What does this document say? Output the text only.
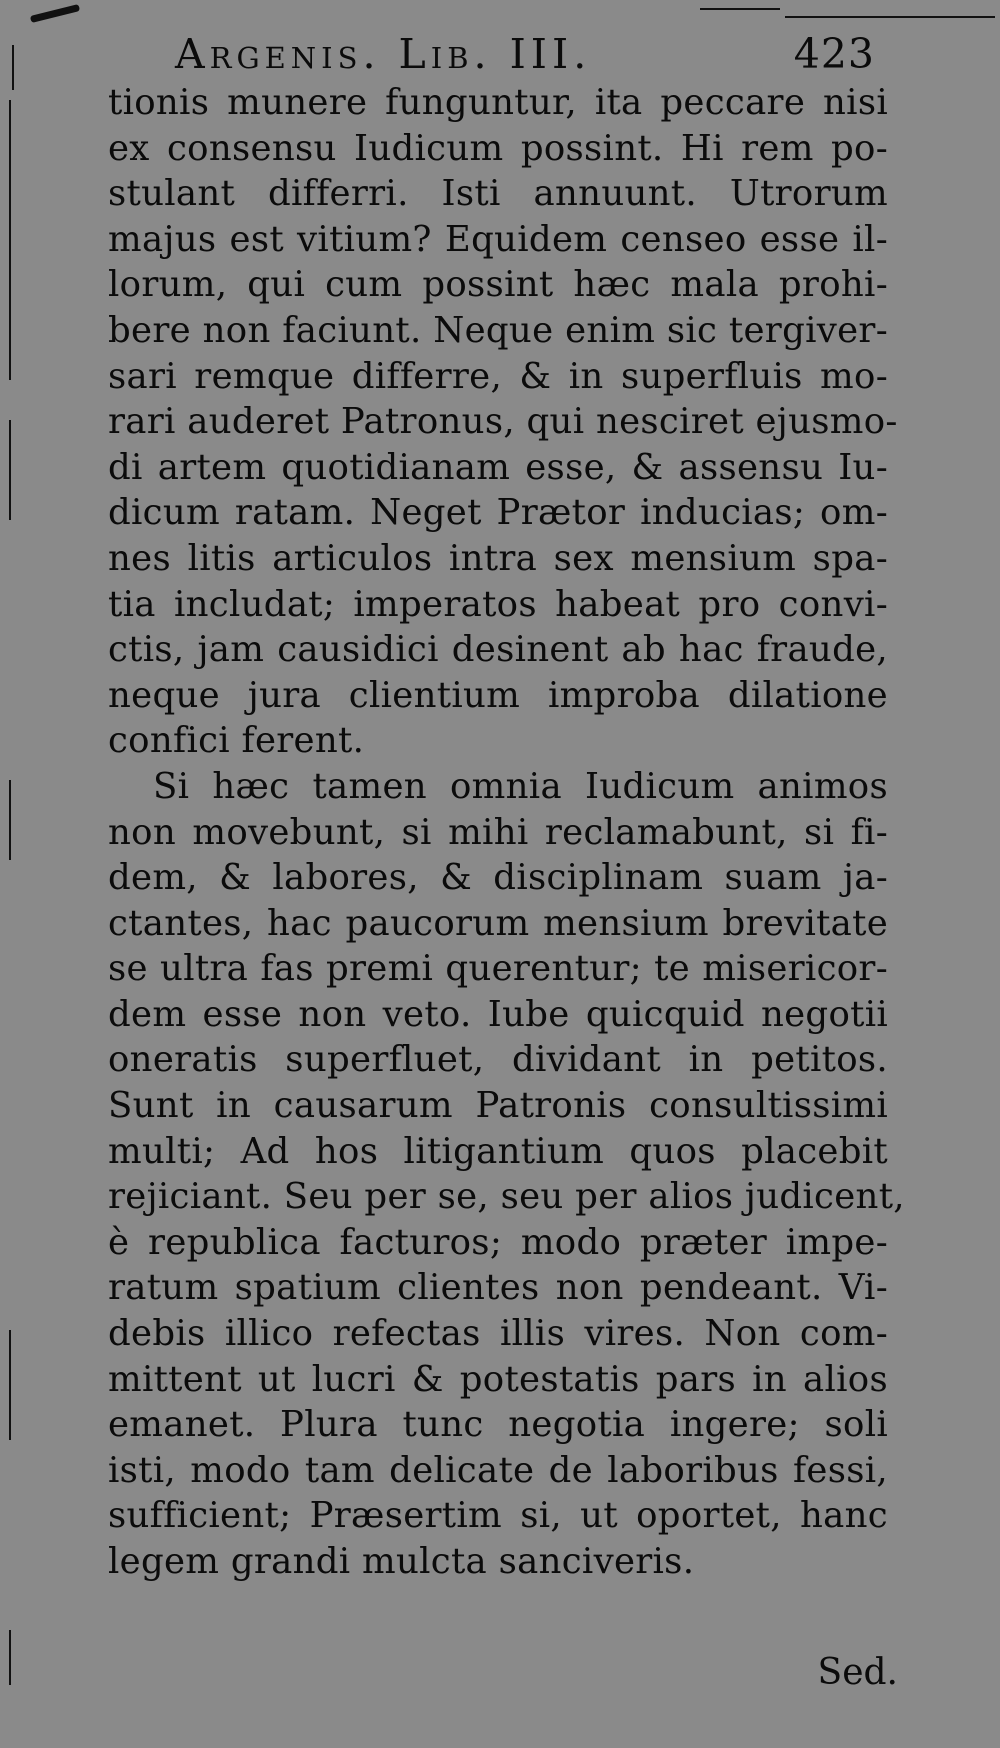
Argenis. Lib. III.	423
tionis munere funguntur, ita peccare nisi
ex consensu Iudicum possint. Hi rem po-
stulant differri. Isti annuunt. Utrorum
majus est vitium? Equidem censeo esse il-
lorum, qui cum possint hæc mala prohi-
bere non faciunt. Neque enim sic tergiver-
sari remque differre, & in superfluis mo-
rari auderet Patronus, qui nesciret ejusmo-
di artem quotidianam esse, & assensu Iu-
dicum ratam. Neget Prætor inducias; om-
nes litis articulos intra sex mensium spa-
tia includat; imperatos habeat pro convi-
ctis, jam causidici desinent ab hac fraude,
neque jura clientium improba dilatione
confici ferent.
Si hæc tamen omnia Iudicum animos
non movebunt, si mihi reclamabunt, si fi-
dem, & labores, & disciplinam suam ja-
ctantes, hac paucorum mensium brevitate
se ultra fas premi querentur; te misericor-
dem esse non veto. Iube quicquid negotii
oneratis superfluet, dividant in petitos.
Sunt in causarum Patronis consultissimi
multi; Ad hos litigantium quos placebit
rejiciant. Seu per se, seu per alios judicent,
è republica facturos; modo præter impe-
ratum spatium clientes non pendeant. Vi-
debis illico refectas illis vires. Non com-
mittent ut lucri & potestatis pars in alios
emanet. Plura tunc negotia ingere; soli
isti, modo tam delicate de laboribus fessi,
sufficient; Præsertim si, ut oportet, hanc
legem grandi mulcta sanciveris.
Sed.
